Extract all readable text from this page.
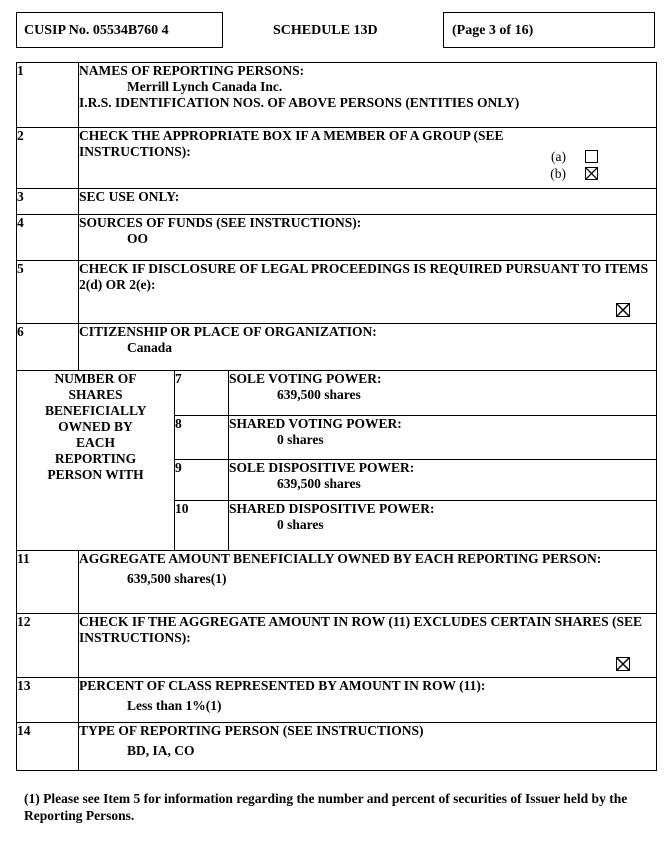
CUSIP No. 05534B760 4	SCHEDULE 13D	(Page 3 of 16)
1	NAMES OF REPORTING PERSONS:
Merrill Lynch Canada Inc.
I.R.S. IDENTIFICATION NOS. OF ABOVE PERSONS (ENTITIES ONLY)		

2	CHECK THE APPROPRIATE BOX IF A MEMBER OF A GROUP (SEE
INSTRUCTIONS): (a)
(b)		

3	SEC USE ONLY:		
4	SOURCES OF FUNDS (SEE INSTRUCTIONS):
OO		

5	CHECK IF DISCLOSURE OF LEGAL PROCEEDINGS IS REQUIRED PURSUANT TO ITEMS 2(d) OR 2(e):		

6	CITIZENSHIP OR PLACE OF ORGANIZATION:
Canada		

NUMBER OF SHARES BENEFICIALLY OWNED BY EACH REPORTING PERSON WITH		7	SOLE VOTING POWER:
639,500 shares

		8	SHARED VOTING POWER:
0 shares

		9	SOLE DISPOSITIVE POWER:
639,500 shares

		10	SHARED DISPOSITIVE POWER:
0 shares

11	AGGREGATE AMOUNT BENEFICIALLY OWNED BY EACH REPORTING PERSON:
639,500 shares(1)		

12	CHECK IF THE AGGREGATE AMOUNT IN ROW (11) EXCLUDES CERTAIN SHARES (SEE INSTRUCTIONS):		

13	PERCENT OF CLASS REPRESENTED BY AMOUNT IN ROW (11):
Less than 1%(1)		

14	TYPE OF REPORTING PERSON (SEE INSTRUCTIONS)
BD, IA, CO		
(1) Please see Item 5 for information regarding the number and percent of securities of Issuer held by the Reporting Persons.
